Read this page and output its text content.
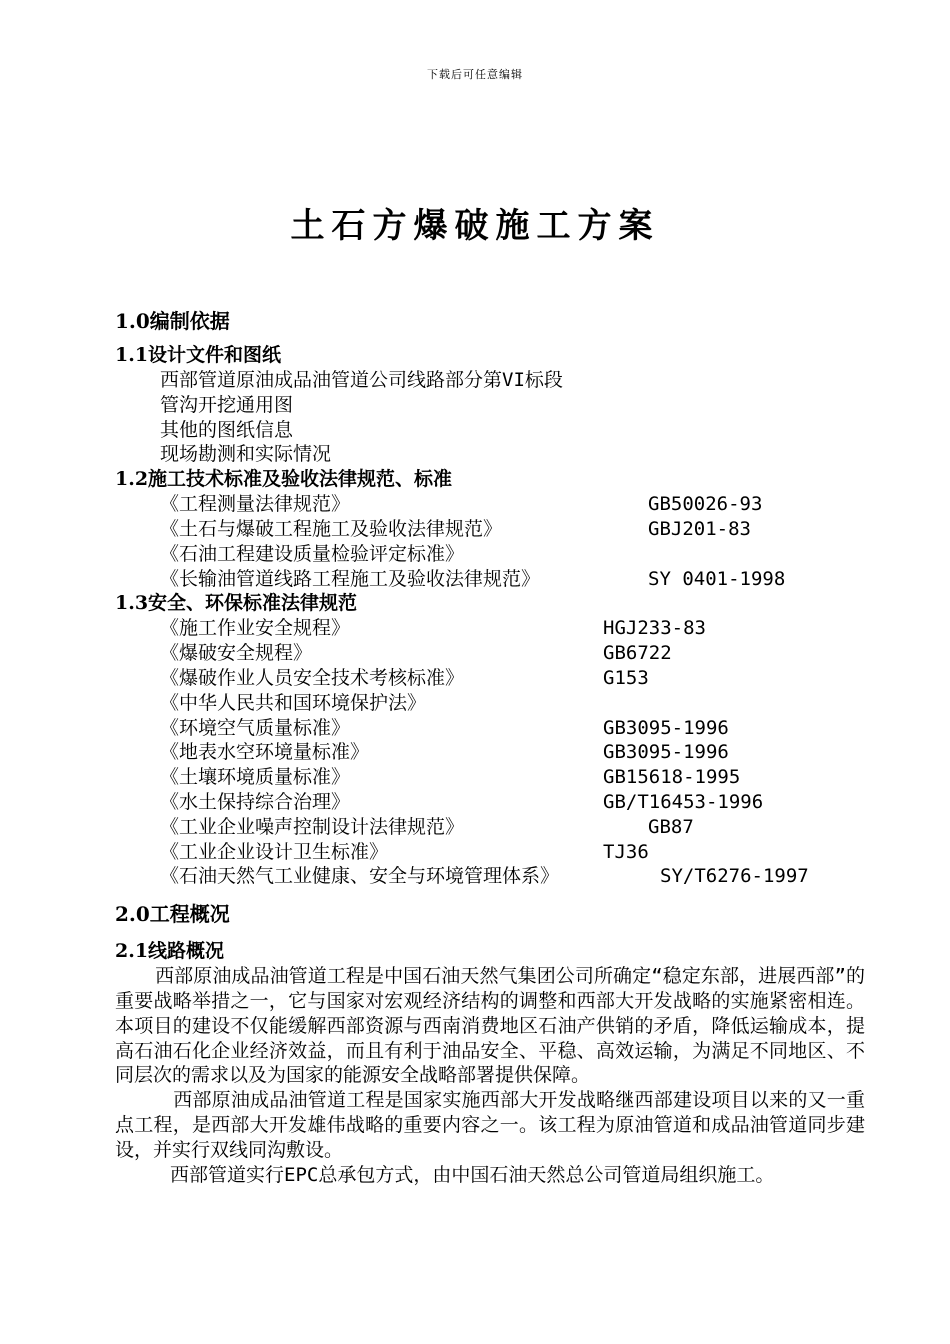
下载后可任意编辑
土石方爆破施工方案
1.0编制依据
1.1设计文件和图纸
西部管道原油成品油管道公司线路部分第VI标段
管沟开挖通用图
其他的图纸信息
现场勘测和实际情况
1.2施工技术标准及验收法律规范、标准
《工程测量法律规范》	GB50026-93
《土石与爆破工程施工及验收法律规范》	GBJ201-83
《石油工程建设质量检验评定标准》
《长输油管道线路工程施工及验收法律规范》	SY 0401-1998
1.3安全、环保标准法律规范
《施工作业安全规程》	HGJ233-83
《爆破安全规程》	GB6722
《爆破作业人员安全技术考核标准》	G153
《中华人民共和国环境保护法》
《环境空气质量标准》	GB3095-1996
《地表水空环境量标准》	GB3095-1996
《土壤环境质量标准》	GB15618-1995
《水土保持综合治理》	GB/T16453-1996
《工业企业噪声控制设计法律规范》	GB87
《工业企业设计卫生标准》	TJ36
《石油天然气工业健康、安全与环境管理体系》	SY/T6276-1997
2.0工程概况
2.1线路概况
西部原油成品油管道工程是中国石油天然气集团公司所确定“稳定东部，进展西部”的重要战略举措之一，它与国家对宏观经济结构的调整和西部大开发战略的实施紧密相连。本项目的建设不仅能缓解西部资源与西南消费地区石油产供销的矛盾，降低运输成本，提高石油石化企业经济效益，而且有利于油品安全、平稳、高效运输，为满足不同地区、不同层次的需求以及为国家的能源安全战略部署提供保障。
西部原油成品油管道工程是国家实施西部大开发战略继西部建设项目以来的又一重点工程，是西部大开发雄伟战略的重要内容之一。该工程为原油管道和成品油管道同步建设，并实行双线同沟敷设。
西部管道实行EPC总承包方式，由中国石油天然总公司管道局组织施工。
